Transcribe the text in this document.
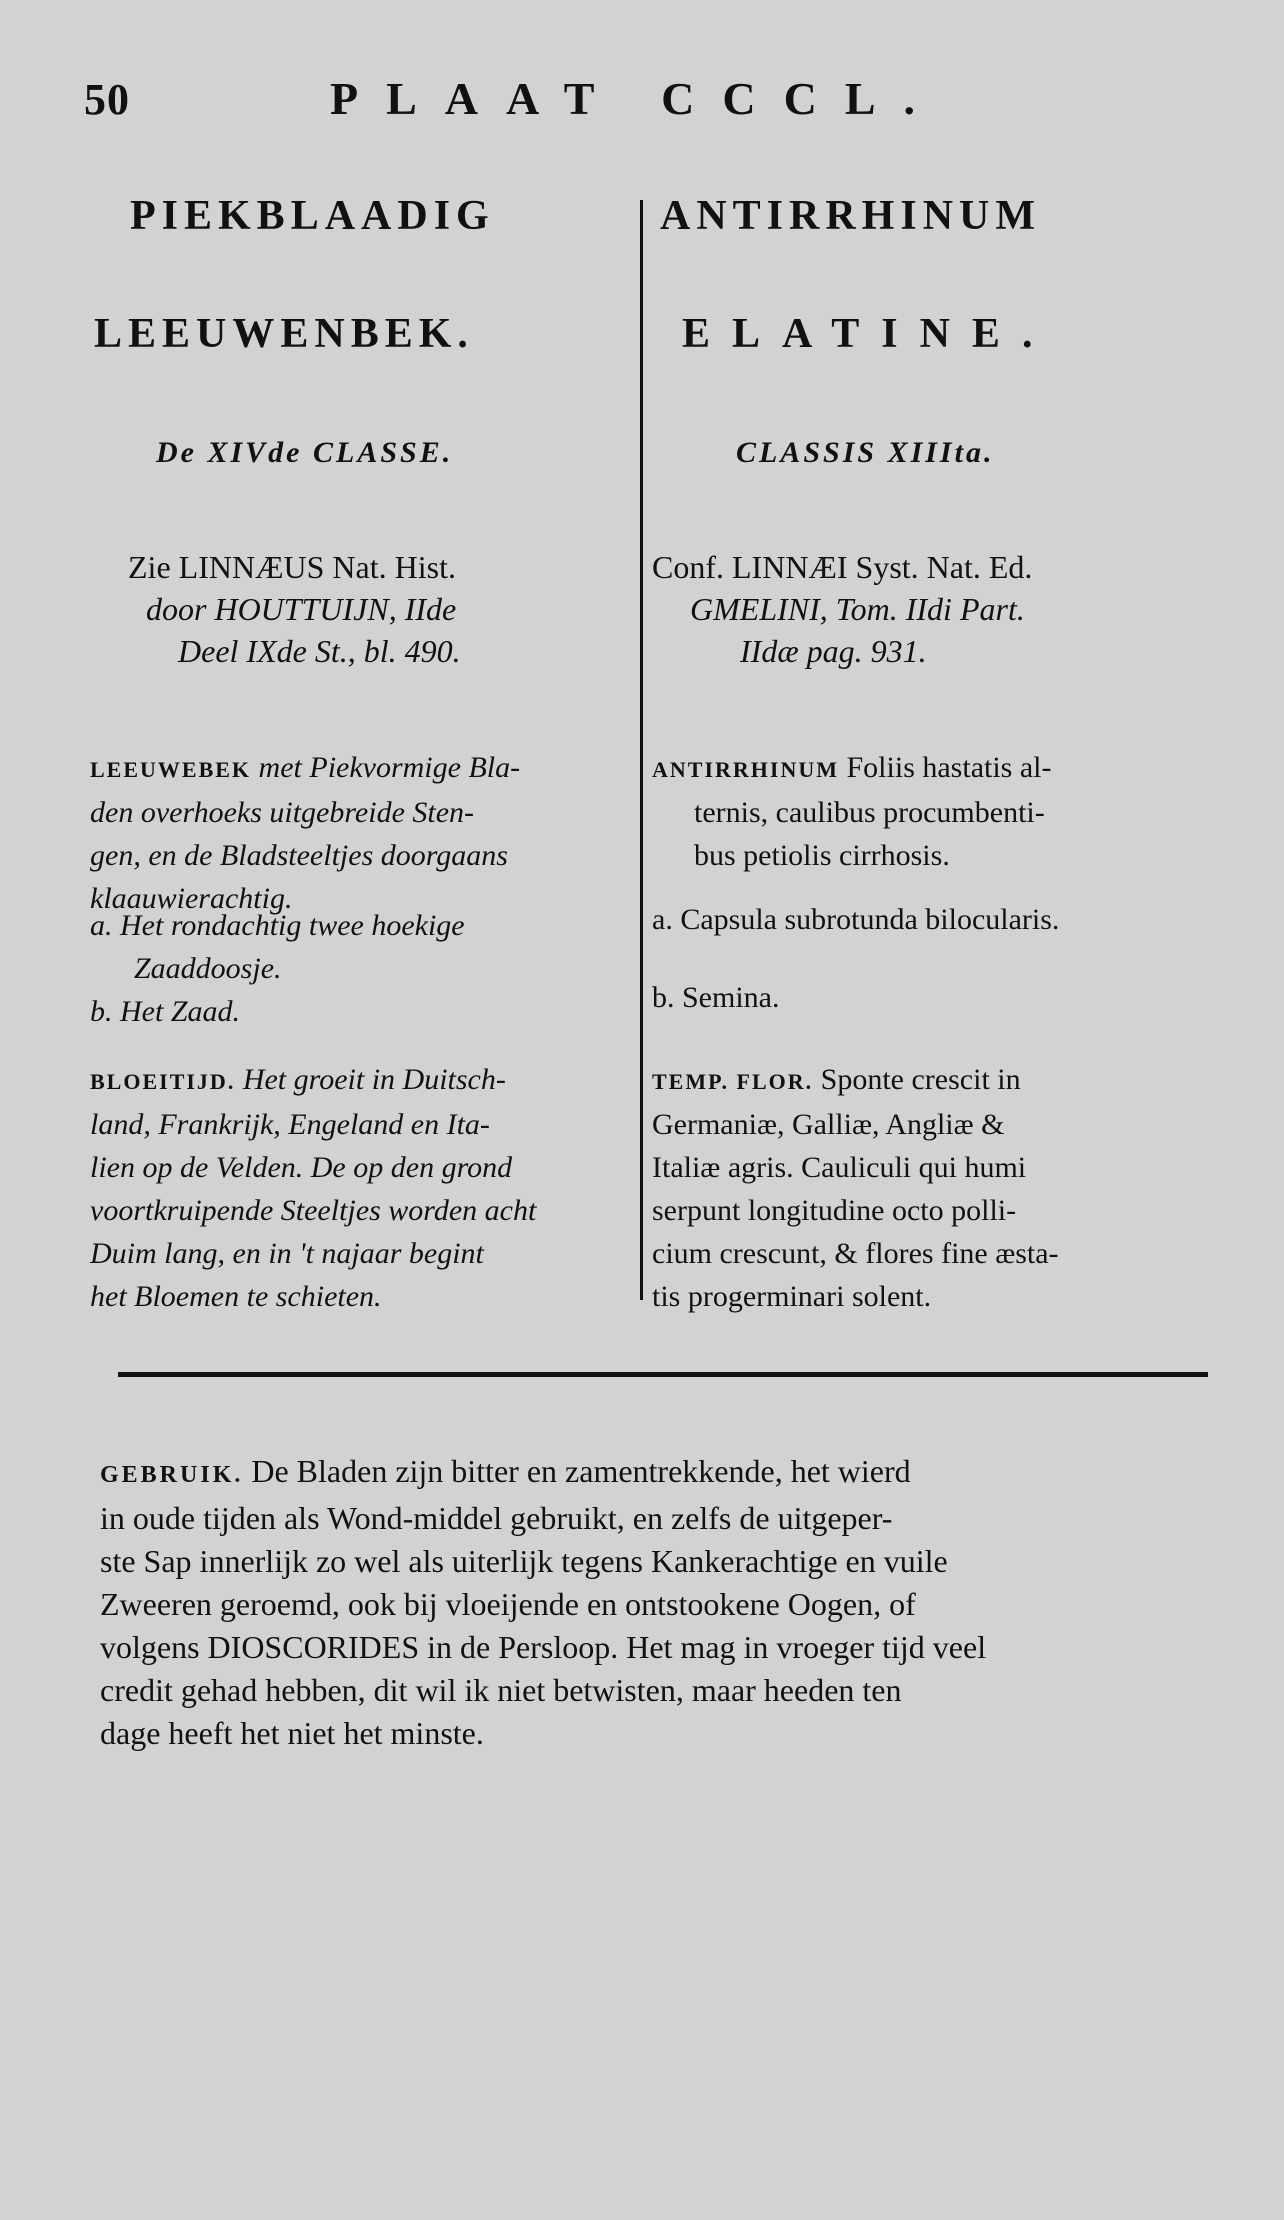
50	PLAAT CCCL.
PIEKBLAADIG
LEEUWENBEK.
De XIVde CLASSE.
Zie LINNÆUS Nat. Hist.
door HOUTTUIJN, IIde
Deel IXde St., bl. 490.
LEEUWEBEK met Piekvormige Bla-
den overhoeks uitgebreide Sten-
gen, en de Bladsteeltjes doorgaans
klaauwierachtig.
a. Het rondachtig twee hoekige
Zaaddoosje.
b. Het Zaad.
BLOEITIJD. Het groeit in Duitsch-
land, Frankrijk, Engeland en Ita-
lien op de Velden. De op den grond
voortkruipende Steeltjes worden acht
Duim lang, en in 't najaar begint
het Bloemen te schieten.
ANTIRRHINUM
ELATINE.
CLASSIS XIIIta.
Conf. LINNÆI Syst. Nat. Ed.
GMELINI, Tom. IIdi Part.
IIdæ pag. 931.
ANTIRRHINUM Foliis hastatis al-
ternis, caulibus procumbenti-
bus petiolis cirrhosis.
a. Capsula subrotunda bilocularis.
b. Semina.
TEMP. FLOR. Sponte crescit in
Germaniæ, Galliæ, Angliæ &
Italiæ agris. Cauliculi qui humi
serpunt longitudine octo polli-
cium crescunt, & flores fine æsta-
tis progerminari solent.
GEBRUIK. De Bladen zijn bitter en zamentrekkende, het wierd
in oude tijden als Wond-middel gebruikt, en zelfs de uitgeper-
ste Sap innerlijk zo wel als uiterlijk tegens Kankerachtige en vuile
Zweeren geroemd, ook bij vloeijende en ontstookene Oogen, of
volgens DIOSCORIDES in de Persloop. Het mag in vroeger tijd veel
credit gehad hebben, dit wil ik niet betwisten, maar heeden ten
dage heeft het niet het minste.
